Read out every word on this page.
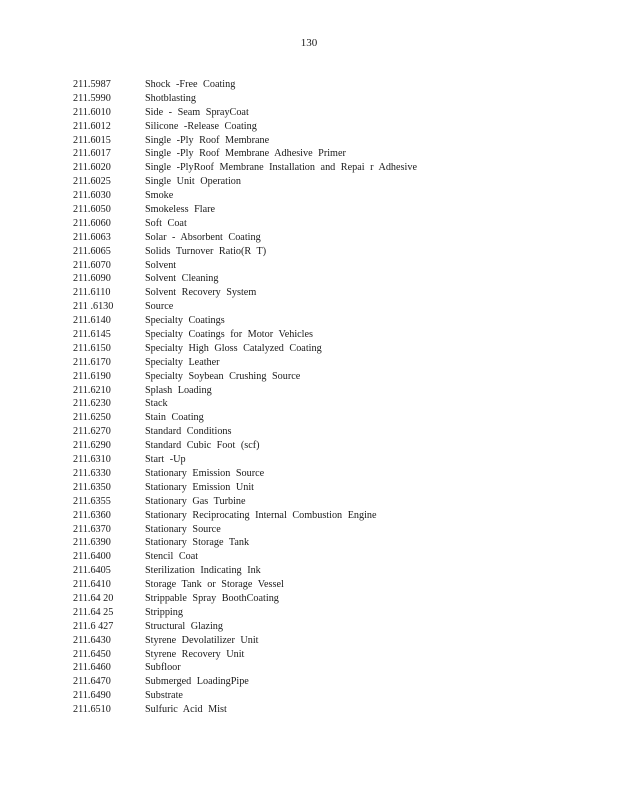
130
211.5987	Shock -Free Coating
211.5990	Shotblasting
211.6010	Side - Seam SprayCoat
211.6012	Silicone -Release Coating
211.6015	Single -Ply Roof Membrane
211.6017	Single -Ply Roof Membrane Adhesive Primer
211.6020	Single -PlyRoof Membrane Installation and Repai r Adhesive
211.6025	Single Unit Operation
211.6030	Smoke
211.6050	Smokeless Flare
211.6060	Soft Coat
211.6063	Solar - Absorbent Coating
211.6065	Solids Turnover Ratio(R T)
211.6070	Solvent
211.6090	Solvent Cleaning
211.6110	Solvent Recovery System
211 .6130	Source
211.6140	Specialty Coatings
211.6145	Specialty Coatings for Motor Vehicles
211.6150	Specialty High Gloss Catalyzed Coating
211.6170	Specialty Leather
211.6190	Specialty Soybean Crushing Source
211.6210	Splash Loading
211.6230	Stack
211.6250	Stain Coating
211.6270	Standard Conditions
211.6290	Standard Cubic Foot (scf)
211.6310	Start -Up
211.6330	Stationary Emission Source
211.6350	Stationary Emission Unit
211.6355	Stationary Gas Turbine
211.6360	Stationary Reciprocating Internal Combustion Engine
211.6370	Stationary Source
211.6390	Stationary Storage Tank
211.6400	Stencil Coat
211.6405	Sterilization Indicating Ink
211.6410	Storage Tank or Storage Vessel
211.64 20	Strippable Spray BoothCoating
211.64 25	Stripping
211.6 427	Structural Glazing
211.6430	Styrene Devolatilizer Unit
211.6450	Styrene Recovery Unit
211.6460	Subfloor
211.6470	Submerged LoadingPipe
211.6490	Substrate
211.6510	Sulfuric Acid Mist
